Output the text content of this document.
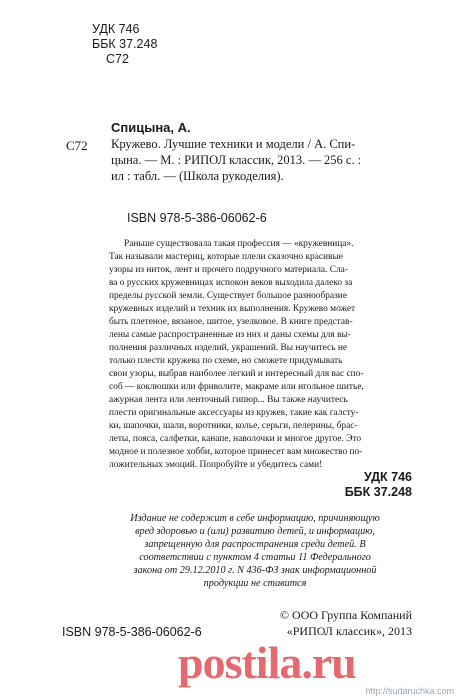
УДК 746
ББК 37.248
С72
Спицына, А.
С72 Кружево. Лучшие техники и модели / А. Спи-
цына. — М. : РИПОЛ классик, 2013. — 256 с. :
ил : табл. — (Школа рукоделия).
ISBN 978-5-386-06062-6
Раньше существовала такая профессия — «кружевница».
Так называли мастериц, которые плели сказочно красивые
узоры из ниток, лент и прочего подручного материала. Сла-
ва о русских кружевницах испокон веков выходила далеко за
пределы русской земли. Существует большое разнообразие
кружевных изделий и техник их выполнения. Кружево может
быть плетеное, вязаное, шитое, узелковое. В книге представ-
лены самые распространенные из них и даны схемы для вы-
полнения различных изделий, украшений. Вы научитесь не
только плести кружева по схеме, но сможете придумывать
свои узоры, выбрав наиболее легкий и интересный для вас спо-
соб — коклюшки или фриволите, макраме или игольное шитье,
ажурная лента или ленточный гипюр... Вы также научитесь
плести оригинальные аксессуары из кружев, такие как галсту-
ки, шапочки, шали, воротники, колье, серьги, пелерины, брас-
леты, пояса, салфетки, канапе, наволочки и многое другое. Это
модное и полезное хобби, которое принесет вам множество по-
ложительных эмоций. Попробуйте и убедитесь сами!
УДК 746
ББК 37.248
Издание не содержит в себе информацию, причиняющую
вред здоровью и (или) развитию детей, и информацию,
запрещенную для распространения среди детей. В
соответствии с пунктом 4 статьи 11 Федерального
закона от 29.12.2010 г. N 436-ФЗ знак информационной
продукции не ставится
© ООО Группа Компаний
«РИПОЛ классик», 2013
ISBN 978-5-386-06062-6
postila.ru
http://sudaruchka.com
